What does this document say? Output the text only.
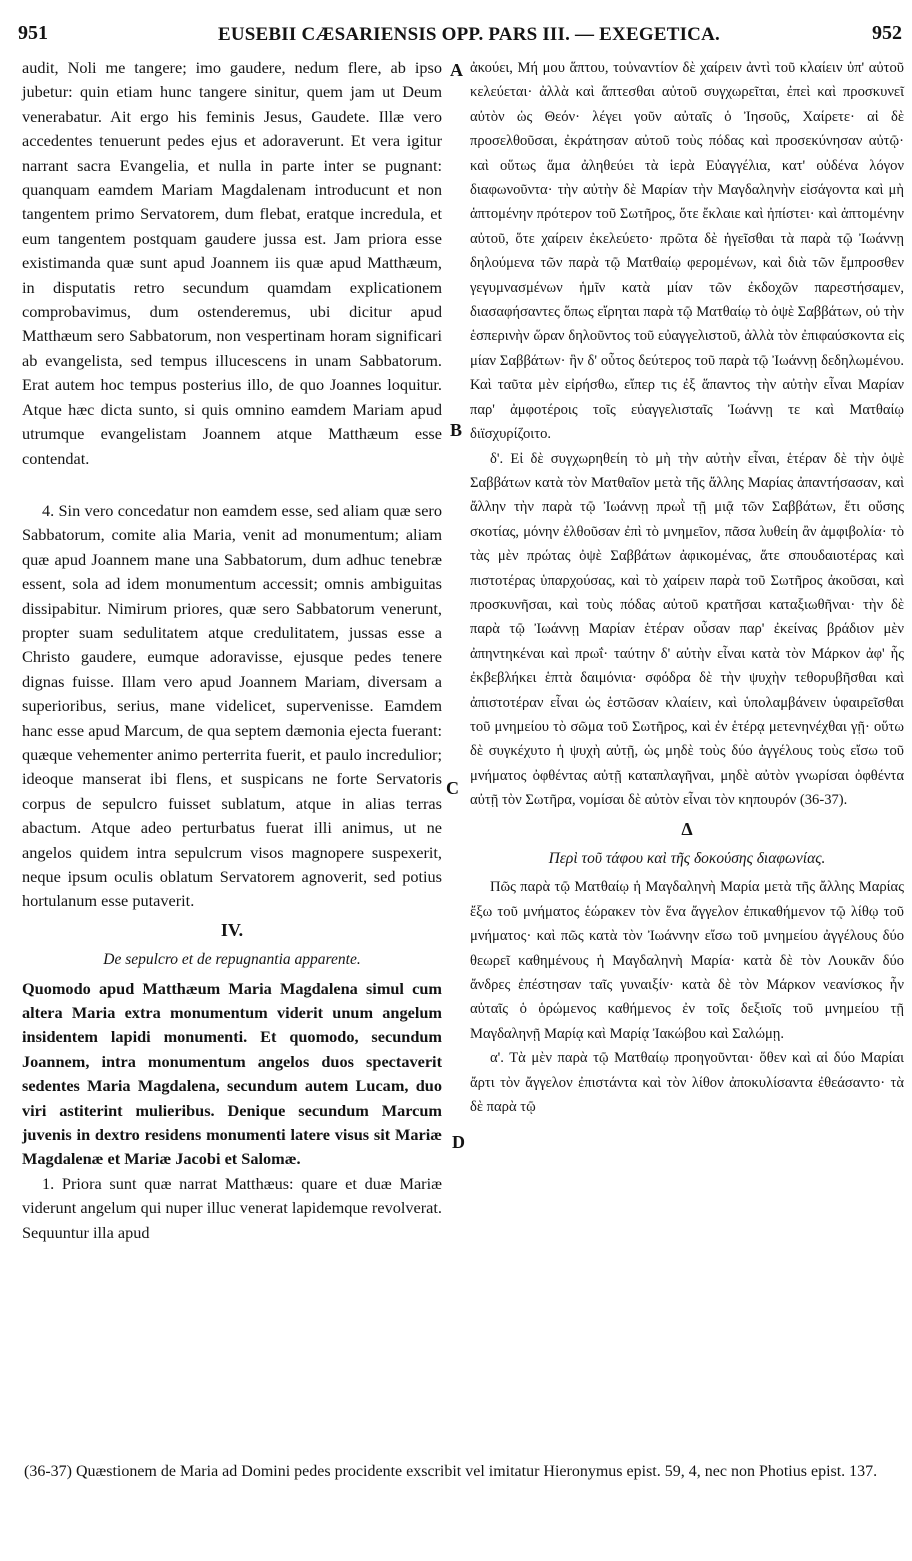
951	EUSEBII CÆSARIENSIS OPP. PARS III. — EXEGETICA.	952

audit, Noli me tangere; imo gaudere, nedum flere, ab ipso jubetur: quin etiam hunc tangere sinitur, quem jam ut Deum venerabatur. Ait ergo his feminis Jesus, Gaudete. Illæ vero accedentes tenuerunt pedes ejus et adoraverunt. Et vera igitur narrant sacra Evangelia, et nulla in parte inter se pugnant: quanquam eamdem Mariam Magdalenam introducunt et non tangentem primo Servatorem, dum flebat, eratque incredula, et eum tangentem postquam gaudere jussa est. Jam priora esse existimanda quæ sunt apud Joannem iis quæ apud Matthæum, in disputatis retro secundum quamdam explicationem comprobavimus, dum ostenderemus, ubi dicitur apud Matthæum sero Sabbatorum, non vespertinam horam significari ab evangelista, sed tempus illucescens in unam Sabbatorum. Erat autem hoc tempus posterius illo, de quo Joannes loquitur. Atque hæc dicta sunto, si quis omnino eamdem Mariam apud utrumque evangelistam Joannem atque Matthæum esse contendat.

4. Sin vero concedatur non eamdem esse, sed aliam quæ sero Sabbatorum, comite alia Maria, venit ad monumentum; aliam quæ apud Joannem mane una Sabbatorum, dum adhuc tenebræ essent, sola ad idem monumentum accessit; omnis ambiguitas dissipabitur. Nimirum priores, quæ sero Sabbatorum venerunt, propter suam sedulitatem atque credulitatem, jussas esse a Christo gaudere, eumque adoravisse, ejusque pedes tenere dignas fuisse. Illam vero apud Joannem Mariam, diversam a superioribus, serius, mane videlicet, supervenisse. Eamdem hanc esse apud Marcum, de qua septem dæmonia ejecta fuerant: quæque vehementer animo perterrita fuerit, et paulo incredulior; ideoque manserat ibi flens, et suspicans ne forte Servatoris corpus de sepulcro fuisset sublatum, atque in alias terras abactum. Atque adeo perturbatus fuerat illi animus, ut ne angelos quidem intra sepulcrum visos magnopere suspexerit, neque ipsum oculis oblatum Servatorem agnoverit, sed potius hortulanum esse putaverit.

IV.
De sepulcro et de repugnantia apparente.

Quomodo apud Matthæum Maria Magdalena simul cum altera Maria extra monumentum viderit unum angelum insidentem lapidi monumenti. Et quomodo, secundum Joannem, intra monumentum angelos duos spectaverit sedentes Maria Magdalena, secundum autem Lucam, duo viri astiterint mulieribus. Denique secundum Marcum juvenis in dextro residens monumenti latere visus sit Mariæ Magdalenæ et Mariæ Jacobi et Salomæ.

1. Priora sunt quæ narrat Matthæus: quare et duæ Mariæ viderunt angelum qui nuper illuc venerat lapidemque revolverat. Sequuntur illa apud

A
B
C
D

ἀκούει, Μή μου ἅπτου, τοὐναντίον δὲ χαίρειν ἀντὶ τοῦ κλαίειν ὑπ' αὐτοῦ κελεύεται· ἀλλὰ καὶ ἅπτεσθαι αὐτοῦ συγχωρεῖται, ἐπεὶ καὶ προσκυνεῖ αὐτὸν ὡς Θεόν· λέγει γοῦν αὐταῖς ὁ Ἰησοῦς, Χαίρετε· αἱ δὲ προσελθοῦσαι, ἐκράτησαν αὐτοῦ τοὺς πόδας καὶ προσεκύνησαν αὐτῷ· καὶ οὕτως ἅμα ἀληθεύει τὰ ἱερὰ Εὐαγγέλια, κατ' οὐδένα λόγον διαφωνοῦντα· τὴν αὐτὴν δὲ Μαρίαν τὴν Μαγδαληνὴν εἰσάγοντα καὶ μὴ ἁπτομένην πρότερον τοῦ Σωτῆρος, ὅτε ἔκλαιε καὶ ἠπίστει· καὶ ἁπτομένην αὐτοῦ, ὅτε χαίρειν ἐκελεύετο· πρῶτα δὲ ἡγεῖσθαι τὰ παρὰ τῷ Ἰωάννῃ δηλούμενα τῶν παρὰ τῷ Ματθαίῳ φερομένων, καὶ διὰ τῶν ἔμπροσθεν γεγυμνασμένων ἡμῖν κατὰ μίαν τῶν ἐκδοχῶν παρεστήσαμεν, διασαφήσαντες ὅπως εἴρηται παρὰ τῷ Ματθαίῳ τὸ ὀψὲ Σαββάτων, οὐ τὴν ἑσπερινὴν ὥραν δηλοῦντος τοῦ εὐαγγελιστοῦ, ἀλλὰ τὸν ἐπιφαύσκοντα εἰς μίαν Σαββάτων· ἣν δ' οὗτος δεύτερος τοῦ παρὰ τῷ Ἰωάννῃ δεδηλωμένου. Καὶ ταῦτα μὲν εἰρήσθω, εἴπερ τις ἐξ ἅπαντος τὴν αὐτὴν εἶναι Μαρίαν παρ' ἀμφοτέροις τοῖς εὐαγγελισταῖς Ἰωάννῃ τε καὶ Ματθαίῳ διϊσχυρίζοιτο.

δ'. Εἰ δὲ συγχωρηθείη τὸ μὴ τὴν αὐτὴν εἶναι, ἑτέραν δὲ τὴν ὀψὲ Σαββάτων κατὰ τὸν Ματθαῖον μετὰ τῆς ἄλλης Μαρίας ἀπαντήσασαν, καὶ ἄλλην τὴν παρὰ τῷ Ἰωάννῃ πρωῒ τῇ μιᾷ τῶν Σαββάτων, ἔτι οὔσης σκοτίας, μόνην ἐλθοῦσαν ἐπὶ τὸ μνημεῖον, πᾶσα λυθείη ἂν ἀμφιβολία· τὸ τὰς μὲν πρώτας ὀψὲ Σαββάτων ἀφικομένας, ἅτε σπουδαιοτέρας καὶ πιστοτέρας ὑπαρχούσας, καὶ τὸ χαίρειν παρὰ τοῦ Σωτῆρος ἀκοῦσαι, καὶ προσκυνῆσαι, καὶ τοὺς πόδας αὐτοῦ κρατῆσαι καταξιωθῆναι· τὴν δὲ παρὰ τῷ Ἰωάννῃ Μαρίαν ἑτέραν οὖσαν παρ' ἐκείνας βράδιον μὲν ἀπηντηκέναι καὶ πρωΐ· ταύτην δ' αὐτὴν εἶναι κατὰ τὸν Μάρκον ἀφ' ἧς ἐκβεβλήκει ἑπτὰ δαιμόνια· σφόδρα δὲ τὴν ψυχὴν τεθορυβῆσθαι καὶ ἀπιστοτέραν εἶναι ὡς ἑστῶσαν κλαίειν, καὶ ὑπολαμβάνειν ὑφαιρεῖσθαι τοῦ μνημείου τὸ σῶμα τοῦ Σωτῆρος, καὶ ἐν ἑτέρᾳ μετενηνέχθαι γῇ· οὕτω δὲ συγκέχυτο ἡ ψυχὴ αὐτῇ, ὡς μηδὲ τοὺς δύο ἀγγέλους τοὺς εἴσω τοῦ μνήματος ὀφθέντας αὐτῇ καταπλαγῆναι, μηδὲ αὐτὸν γνωρίσαι ὀφθέντα αὐτῇ τὸν Σωτῆρα, νομίσαι δὲ αὐτὸν εἶναι τὸν κηπουρόν (36-37).

Δ
Περὶ τοῦ τάφου καὶ τῆς δοκούσης διαφωνίας.

Πῶς παρὰ τῷ Ματθαίῳ ἡ Μαγδαληνὴ Μαρία μετὰ τῆς ἄλλης Μαρίας ἔξω τοῦ μνήματος ἑώρακεν τὸν ἕνα ἄγγελον ἐπικαθήμενον τῷ λίθῳ τοῦ μνήματος· καὶ πῶς κατὰ τὸν Ἰωάννην εἴσω τοῦ μνημείου ἀγγέλους δύο θεωρεῖ καθημένους ἡ Μαγδαληνὴ Μαρία· κατὰ δὲ τὸν Λουκᾶν δύο ἄνδρες ἐπέστησαν ταῖς γυναιξίν· κατὰ δὲ τὸν Μάρκον νεανίσκος ἦν αὐταῖς ὁ ὁρώμενος καθήμενος ἐν τοῖς δεξιοῖς τοῦ μνημείου τῇ Μαγδαληνῇ Μαρίᾳ καὶ Μαρίᾳ Ἰακώβου καὶ Σαλώμῃ.

α'. Τὰ μὲν παρὰ τῷ Ματθαίῳ προηγοῦνται· ὅθεν καὶ αἱ δύο Μαρίαι ἄρτι τὸν ἄγγελον ἐπιστάντα καὶ τὸν λίθον ἀποκυλίσαντα ἐθεάσαντο· τὰ δὲ παρὰ τῷ

(36-37) Quæstionem de Maria ad Domini pedes procidente exscribit vel imitatur Hieronymus epist. 59, 4, nec non Photius epist. 137.
